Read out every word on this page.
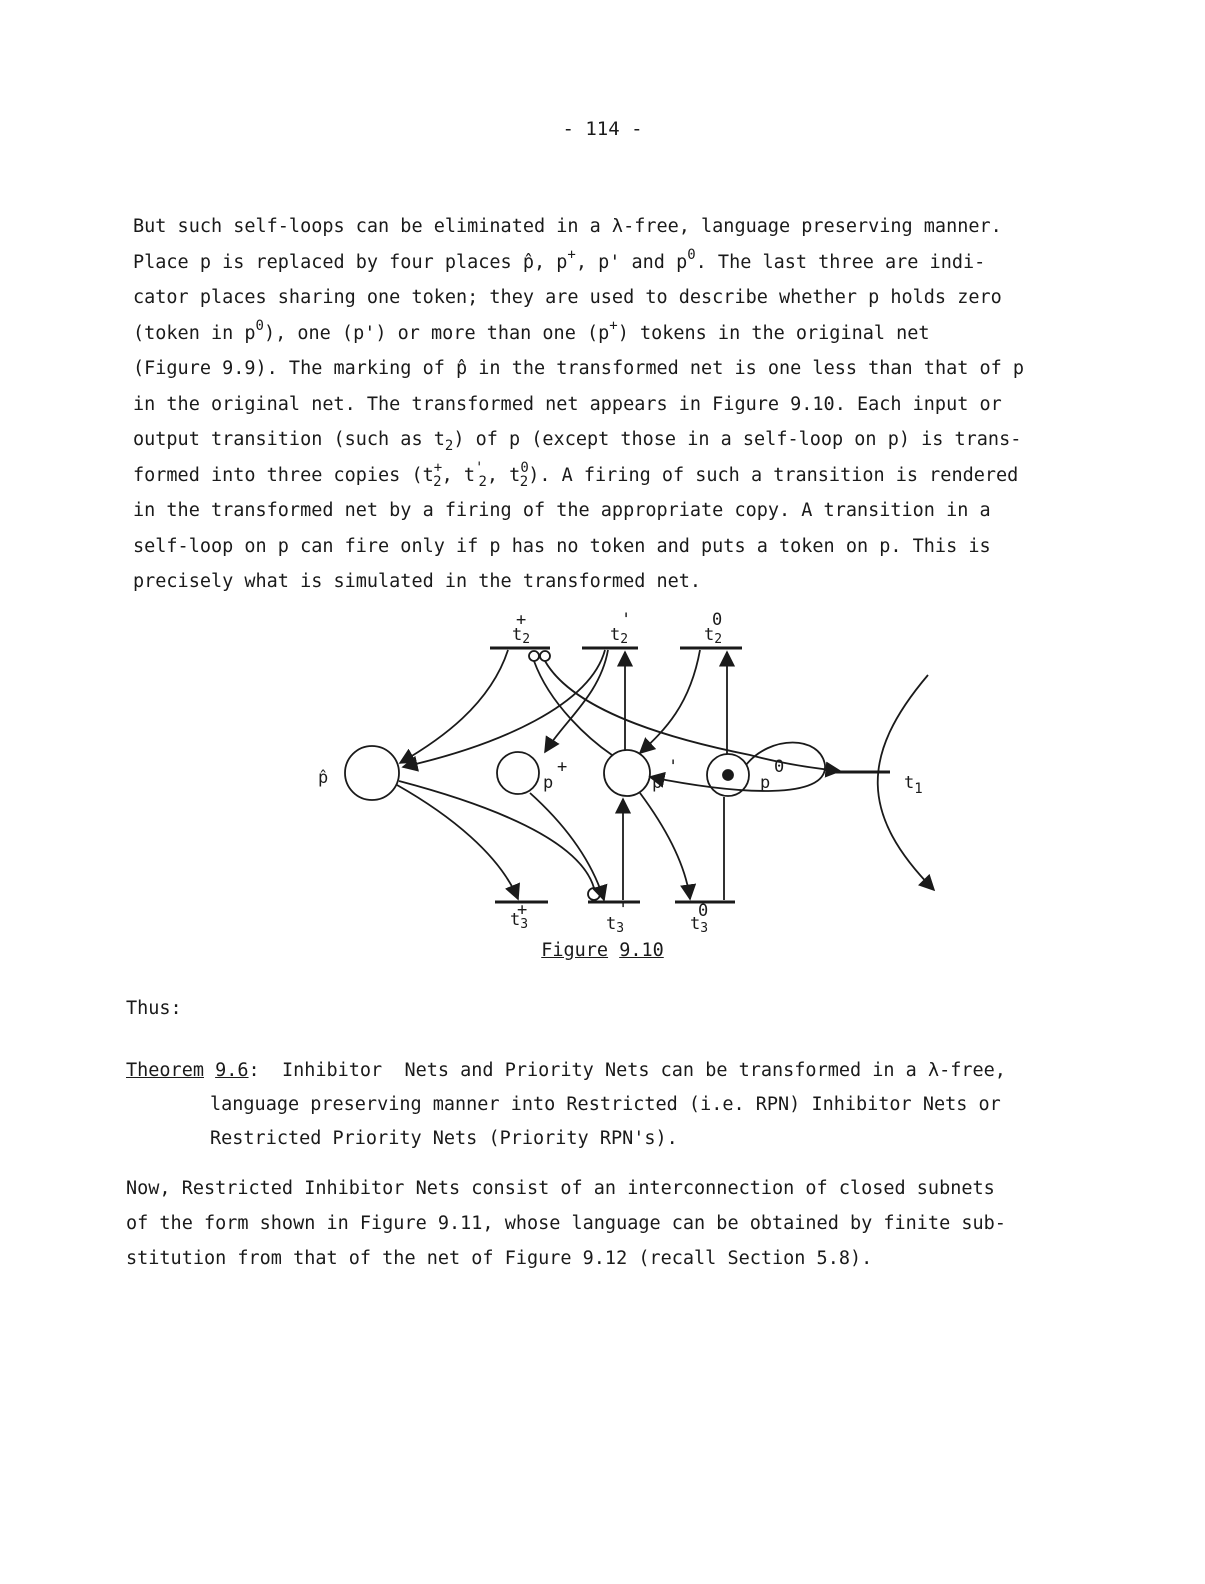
- 114 -
But such self-loops can be eliminated in a λ-free, language preserving manner.
Place p is replaced by four places p̂, p+, p' and $p^0$. The last three are indi-
cator places sharing one token; they are used to describe whether p holds zero
(token in $p^0$), one (p') or more than one (p+) tokens in the original net
(Figure 9.9). The marking of p̂ in the transformed net is one less than that of p
in the original net. The transformed net appears in Figure 9.10. Each input or
output transition (such as $t_2$) of p (except those in a self-loop on p) is trans-
formed into three copies ($t^+_2$, $t'_2$, $t^0_2$). A firing of such a transition is rendered
in the transformed net by a firing of the appropriate copy. A transition in a
self-loop on p can fire only if p has no token and puts a token on p. This is
precisely what is simulated in the transformed net.
t2
+
t2
'
t2
0
p̂	p
+
p
'
p
0
$t_1$
t3
+
t3
'
t3
0
Figure 9.10
Thus:
Theorem 9.6:  Inhibitor  Nets and Priority Nets can be transformed in a λ-free,
language preserving manner into Restricted (i.e. RPN) Inhibitor Nets or
Restricted Priority Nets (Priority RPN's).
Now, Restricted Inhibitor Nets consist of an interconnection of closed subnets
of the form shown in Figure 9.11, whose language can be obtained by finite sub-
stitution from that of the net of Figure 9.12 (recall Section 5.8).
